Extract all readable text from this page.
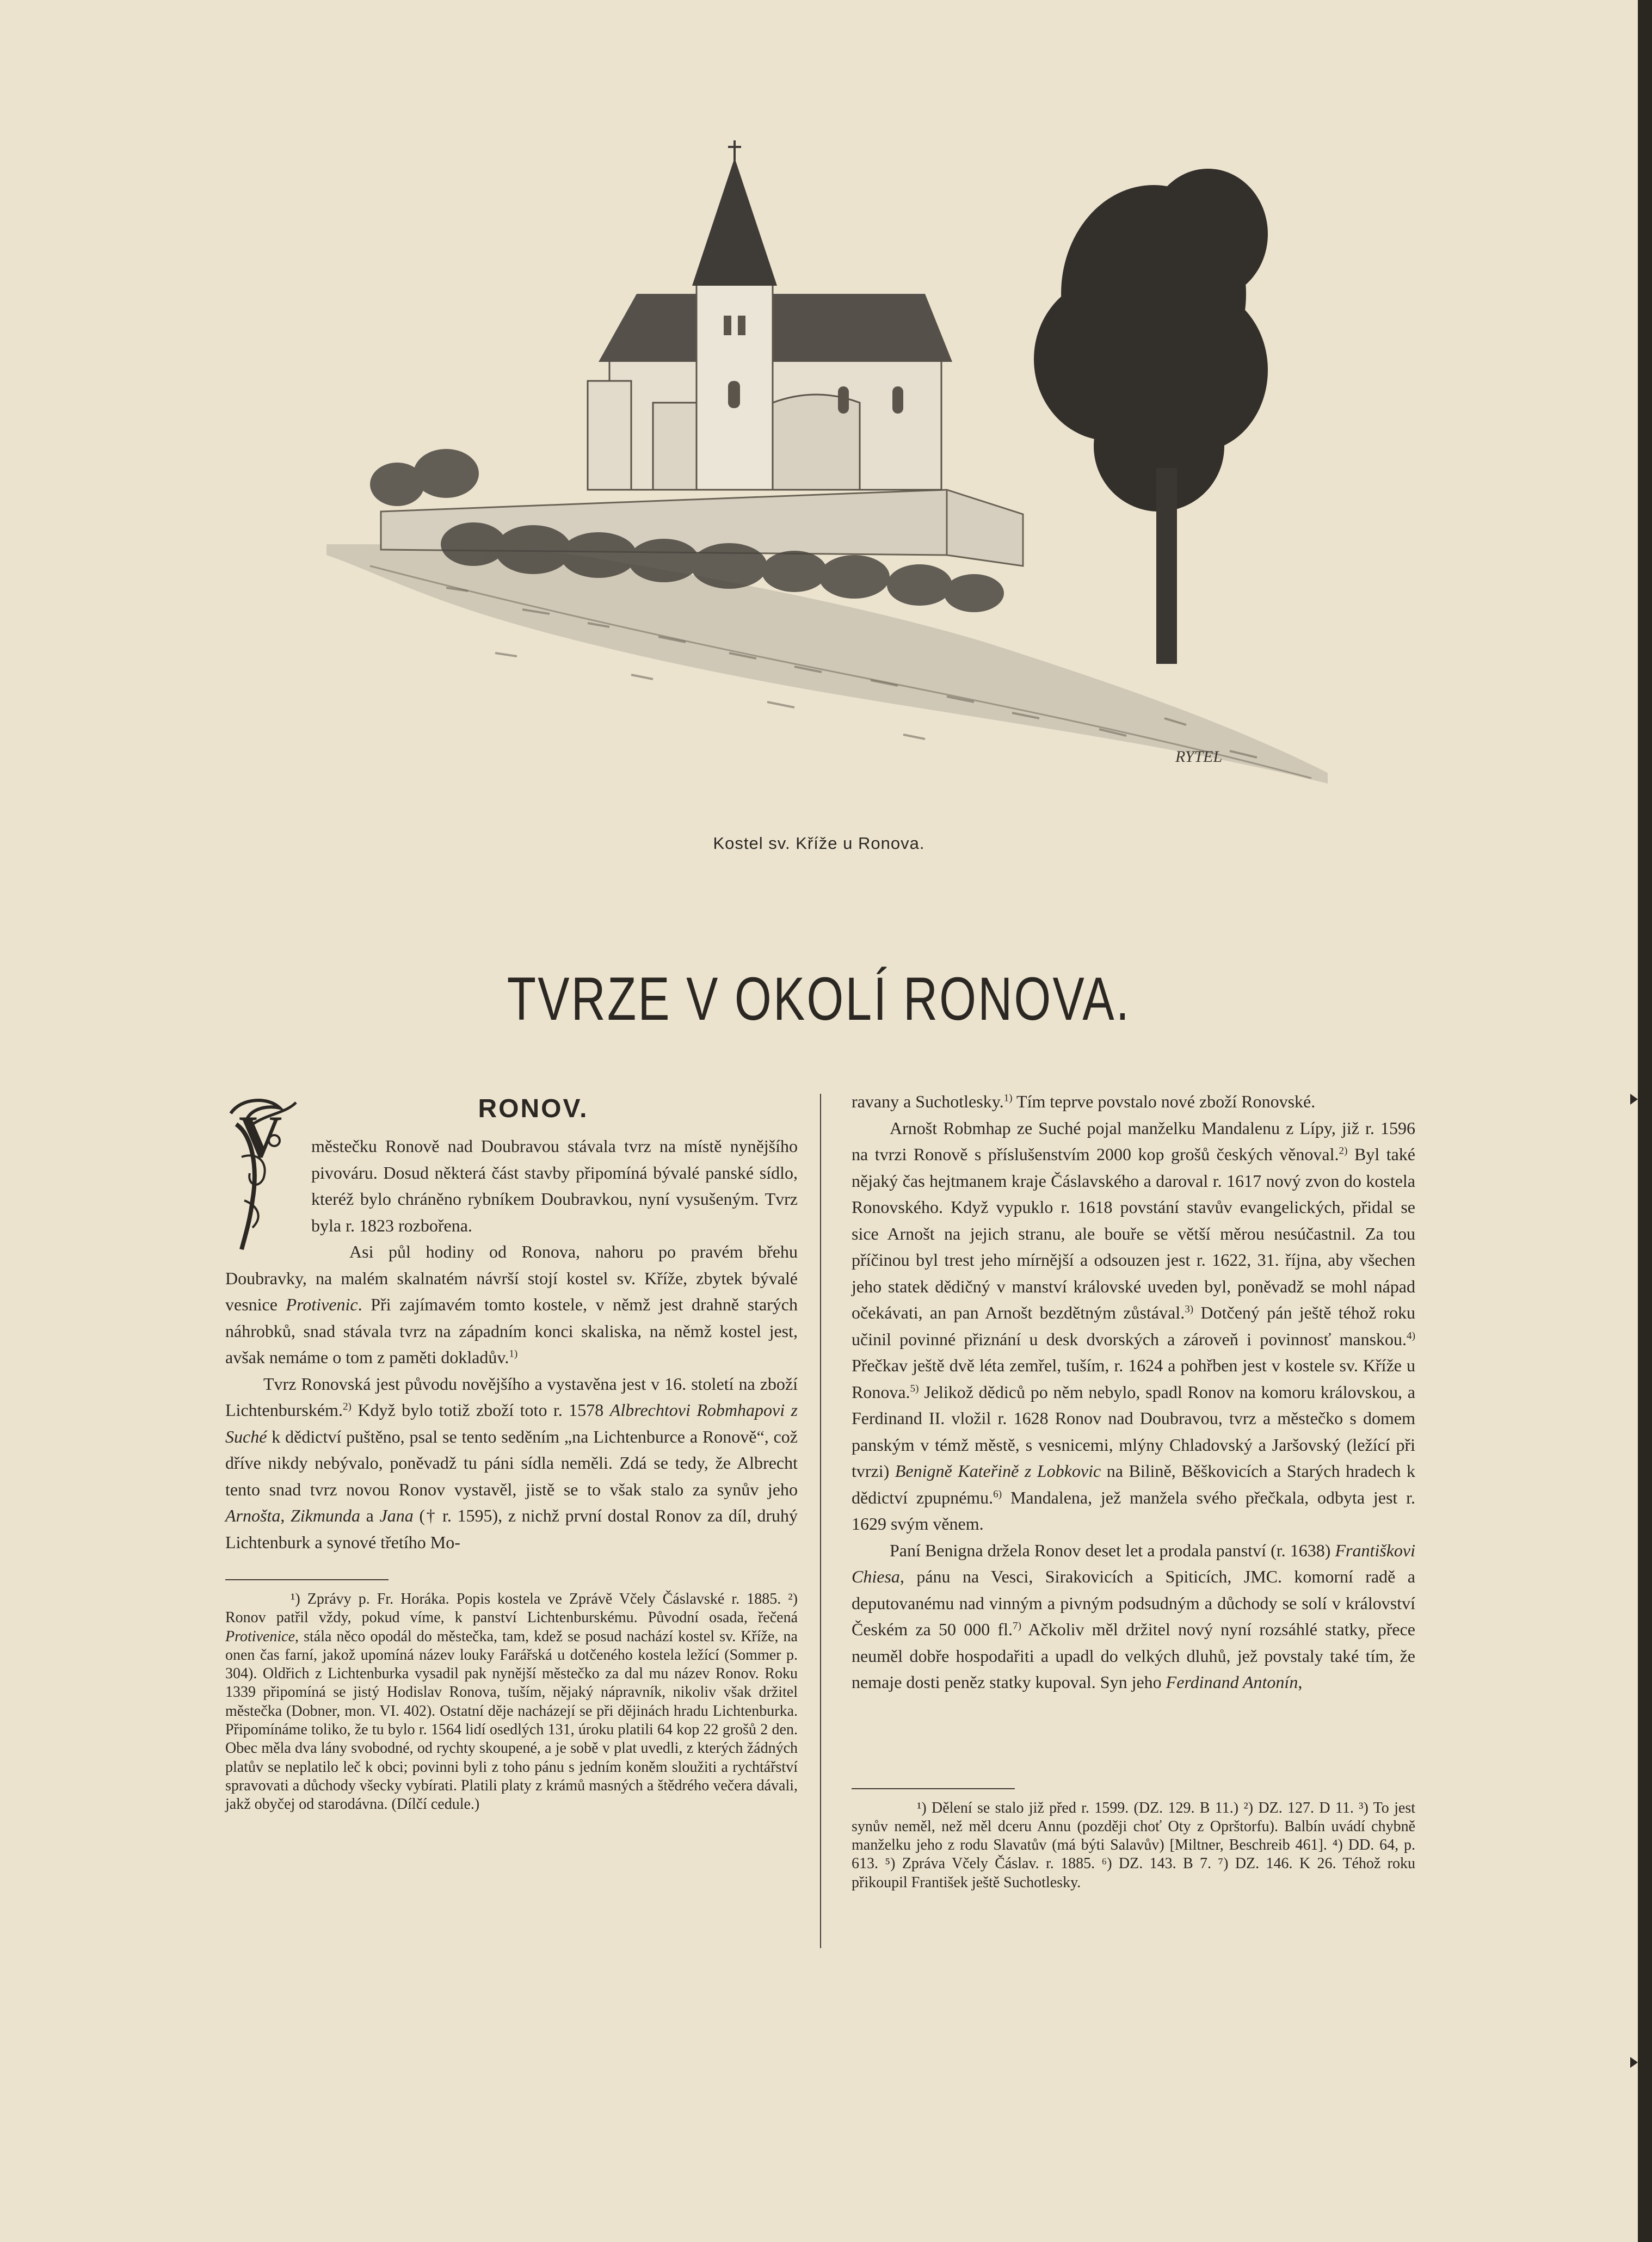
RYTEL
Kostel sv. Kříže u Ronova.
TVRZE V OKOLÍ RONOVA.
RONOV.

V městečku Ronově nad Doubravou stávala tvrz na místě nynějšího pivováru. Dosud některá část stavby připomíná bývalé panské sídlo, kteréž bylo chráněno rybníkem Doubravkou, nyní vysušeným. Tvrz byla r. 1823 rozbořena.

Asi půl hodiny od Ronova, nahoru po pravém břehu Doubravky, na malém skalnatém návrší stojí kostel sv. Kříže, zbytek bývalé vesnice Protivenic. Při zajímavém tomto kostele, v němž jest drahně starých náhrobků, snad stávala tvrz na západním konci skaliska, na němž kostel jest, avšak nemáme o tom z paměti dokladův.$^{1)}$

Tvrz Ronovská jest původu novějšího a vystavěna jest v 16. století na zboží Lichtenburském.$^{2)}$ Když bylo totiž zboží toto r. 1578 Albrechtovi Robmhapovi z Suché k dědictví puštěno, psal se tento seděním „na Lichtenburce a Ronově“, což dříve nikdy nebývalo, poněvadž tu páni sídla neměli. Zdá se tedy, že Albrecht tento snad tvrz novou Ronov vystavěl, jistě se to však stalo za synův jeho Arnošta, Zikmunda a Jana († r. 1595), z nichž první dostal Ronov za díl, druhý Lichtenburk a synové třetího Mo-

¹) Zprávy p. Fr. Horáka. Popis kostela ve Zprávě Včely Čáslavské r. 1885. ²) Ronov patřil vždy, pokud víme, k panství Lichtenburskému. Původní osada, řečená Protivenice, stála něco opodál do městečka, tam, kdež se posud nachází kostel sv. Kříže, na onen čas farní, jakož upomíná název louky Farářská u dotčeného kostela ležící (Sommer p. 304). Oldřich z Lichtenburka vysadil pak nynější městečko za dal mu název Ronov. Roku 1339 připomíná se jistý Hodislav Ronova, tuším, nějaký nápravník, nikoliv však držitel městečka (Dobner, mon. VI. 402). Ostatní děje nacházejí se při dějinách hradu Lichtenburka. Připomínáme toliko, že tu bylo r. 1564 lidí osedlých 131, úroku platili 64 kop 22 grošů 2 den. Obec měla dva lány svobodné, od rychty skoupené, a je sobě v plat uvedli, z kterých žádných platův se neplatilo leč k obci; povinni byli z toho pánu s jedním koněm sloužiti a rychtářství spravovati a důchody všecky vybírati. Platili platy z krámů masných a štědrého večera dávali, jakž obyčej od starodávna. (Dílčí cedule.)

ravany a Suchotlesky.$^{1)}$ Tím teprve povstalo nové zboží Ronovské.

Arnošt Robmhap ze Suché pojal manželku Mandalenu z Lípy, již r. 1596 na tvrzi Ronově s příslušenstvím 2000 kop grošů českých věnoval.$^{2)}$ Byl také nějaký čas hejtmanem kraje Čáslavského a daroval r. 1617 nový zvon do kostela Ronovského. Když vypuklo r. 1618 povstání stavův evangelických, přidal se sice Arnošt na jejich stranu, ale bouře se větší měrou nesúčastnil. Za tou příčinou byl trest jeho mírnější a odsouzen jest r. 1622, 31. října, aby všechen jeho statek dědičný v manství královské uveden byl, poněvadž se mohl nápad očekávati, an pan Arnošt bezdětným zůstával.$^{3)}$ Dotčený pán ještě téhož roku učinil povinné přiznání u desk dvorských a zároveň i povinnosť manskou.$^{4)}$ Přečkav ještě dvě léta zemřel, tuším, r. 1624 a pohřben jest v kostele sv. Kříže u Ronova.$^{5)}$ Jelikož dědiců po něm nebylo, spadl Ronov na komoru královskou, a Ferdinand II. vložil r. 1628 Ronov nad Doubravou, tvrz a městečko s domem panským v témž městě, s vesnicemi, mlýny Chladovský a Jaršovský (ležící při tvrzi) Benigně Kateřině z Lobkovic na Bilině, Běškovicích a Starých hradech k dědictví zpupnému.$^{6)}$ Mandalena, jež manžela svého přečkala, odbyta jest r. 1629 svým věnem.

Paní Benigna držela Ronov deset let a prodala panství (r. 1638) Františkovi Chiesa, pánu na Vesci, Sirakovicích a Spiticích, JMC. komorní radě a deputovanému nad vinným a pivným podsudným a důchody se solí v království Českém za 50 000 fl.$^{7)}$ Ačkoliv měl držitel nový nyní rozsáhlé statky, přece neuměl dobře hospodařiti a upadl do velkých dluhů, jež povstaly také tím, že nemaje dosti peněz statky kupoval. Syn jeho Ferdinand Antonín,

¹) Dělení se stalo již před r. 1599. (DZ. 129. B 11.) ²) DZ. 127. D 11. ³) To jest synův neměl, než měl dceru Annu (později choť Oty z Oprštorfu). Balbín uvádí chybně manželku jeho z rodu Slavatův (má býti Salavův) [Miltner, Beschreib 461]. ⁴) DD. 64, p. 613. ⁵) Zpráva Včely Čáslav. r. 1885. ⁶) DZ. 143. B 7. ⁷) DZ. 146. K 26. Téhož roku přikoupil František ještě Suchotlesky.
